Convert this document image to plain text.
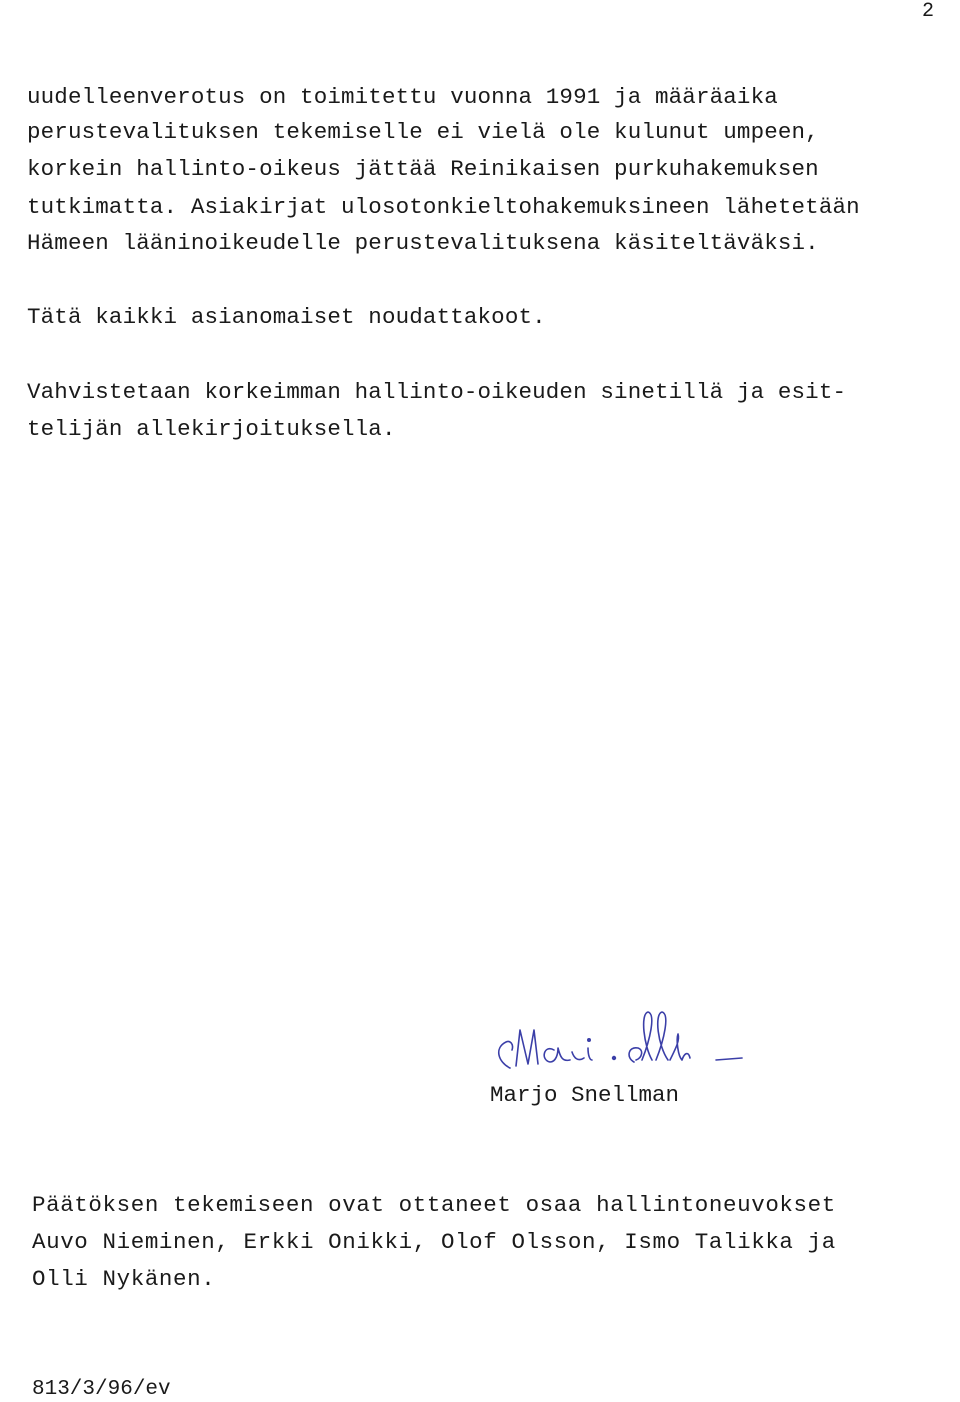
2
uudelleenverotus on toimitettu vuonna 1991 ja määräaika
perustevalituksen tekemiselle ei vielä ole kulunut umpeen,
korkein hallinto-oikeus jättää Reinikaisen purkuhakemuksen
tutkimatta. Asiakirjat ulosotonkieltohakemuksineen lähetetään
Hämeen lääninoikeudelle perustevalituksena käsiteltäväksi.
Tätä kaikki asianomaiset noudattakoot.
Vahvistetaan korkeimman hallinto-oikeuden sinetillä ja esit-
telijän allekirjoituksella.
Marjo Snellman
Päätöksen tekemiseen ovat ottaneet osaa hallintoneuvokset
Auvo Nieminen, Erkki Onikki, Olof Olsson, Ismo Talikka ja
Olli Nykänen.
813/3/96/ev
